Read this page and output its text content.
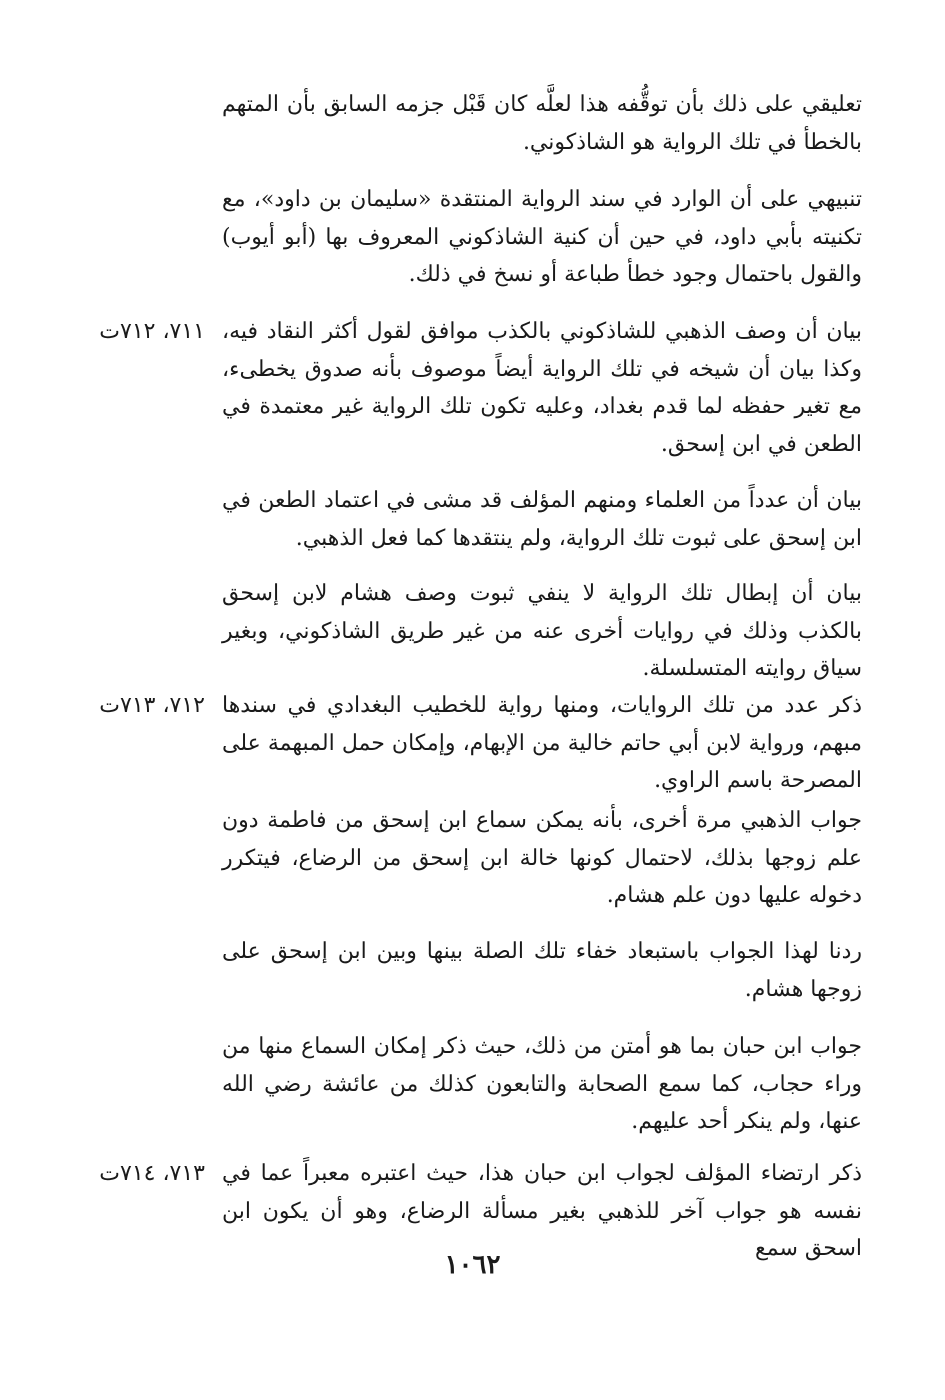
تعليقي على ذلك بأن توقُّفه هذا لعلَّه كان قَبْل جزمه السابق بأن المتهم بالخطأ في تلك الرواية هو الشاذكوني.
تنبيهي على أن الوارد في سند الرواية المنتقدة «سليمان بن داود»، مع تكنيته بأبي داود، في حين أن كنية الشاذكوني المعروف بها (أبو أيوب) والقول باحتمال وجود خطأ طباعة أو نسخ في ذلك.
بيان أن وصف الذهبي للشاذكوني بالكذب موافق لقول أكثر النقاد فيه، وكذا بيان أن شيخه في تلك الرواية أيضاً موصوف بأنه صدوق يخطىء، مع تغير حفظه لما قدم بغداد، وعليه تكون تلك الرواية غير معتمدة في الطعن في ابن إسحق.
٧١١، ٧١٢ت
بيان أن عدداً من العلماء ومنهم المؤلف قد مشى في اعتماد الطعن في ابن إسحق على ثبوت تلك الرواية، ولم ينتقدها كما فعل الذهبي.
بيان أن إبطال تلك الرواية لا ينفي ثبوت وصف هشام لابن إسحق بالكذب وذلك في روايات أخرى عنه من غير طريق الشاذكوني، وبغير سياق روايته المتسلسلة.
ذكر عدد من تلك الروايات، ومنها رواية للخطيب البغدادي في سندها مبهم، ورواية لابن أبي حاتم خالية من الإبهام، وإمكان حمل المبهمة على المصرحة باسم الراوي.
٧١٢، ٧١٣ت
جواب الذهبي مرة أخرى، بأنه يمكن سماع ابن إسحق من فاطمة دون علم زوجها بذلك، لاحتمال كونها خالة ابن إسحق من الرضاع، فيتكرر دخوله عليها دون علم هشام.
ردنا لهذا الجواب باستبعاد خفاء تلك الصلة بينها وبين ابن إسحق على زوجها هشام.
جواب ابن حبان بما هو أمتن من ذلك، حيث ذكر إمكان السماع منها من وراء حجاب، كما سمع الصحابة والتابعون كذلك من عائشة رضي الله عنها، ولم ينكر أحد عليهم.
ذكر ارتضاء المؤلف لجواب ابن حبان هذا، حيث اعتبره معبراً عما في نفسه هو جواب آخر للذهبي بغير مسألة الرضاع، وهو أن يكون ابن اسحق سمع
٧١٣، ٧١٤ت
١٠٦٢
